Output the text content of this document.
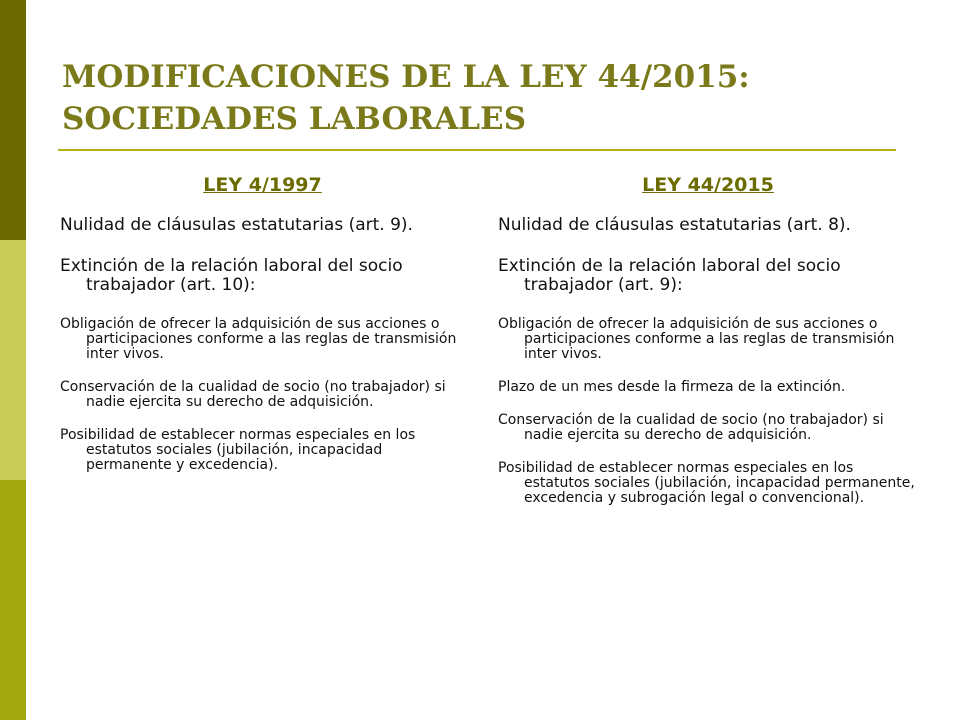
MODIFICACIONES DE LA LEY 44/2015:
SOCIEDADES LABORALES

LEY 4/1997

Nulidad de cláusulas estatutarias (art. 9).

Extinción de la relación laboral del socio trabajador (art. 10):

Obligación de ofrecer la adquisición de sus acciones o participaciones conforme a las reglas de transmisión inter vivos.

Conservación de la cualidad de socio (no trabajador) si nadie ejercita su derecho de adquisición.

Posibilidad de establecer normas especiales en los estatutos sociales (jubilación, incapacidad permanente y excedencia).

LEY 44/2015

Nulidad de cláusulas estatutarias (art. 8).

Extinción de la relación laboral del socio trabajador (art. 9):

Obligación de ofrecer la adquisición de sus acciones o participaciones conforme a las reglas de transmisión inter vivos.

Plazo de un mes desde la firmeza de la extinción.

Conservación de la cualidad de socio (no trabajador) si nadie ejercita su derecho de adquisición.

Posibilidad de establecer normas especiales en los estatutos sociales (jubilación, incapacidad permanente, excedencia y subrogación legal o convencional).
